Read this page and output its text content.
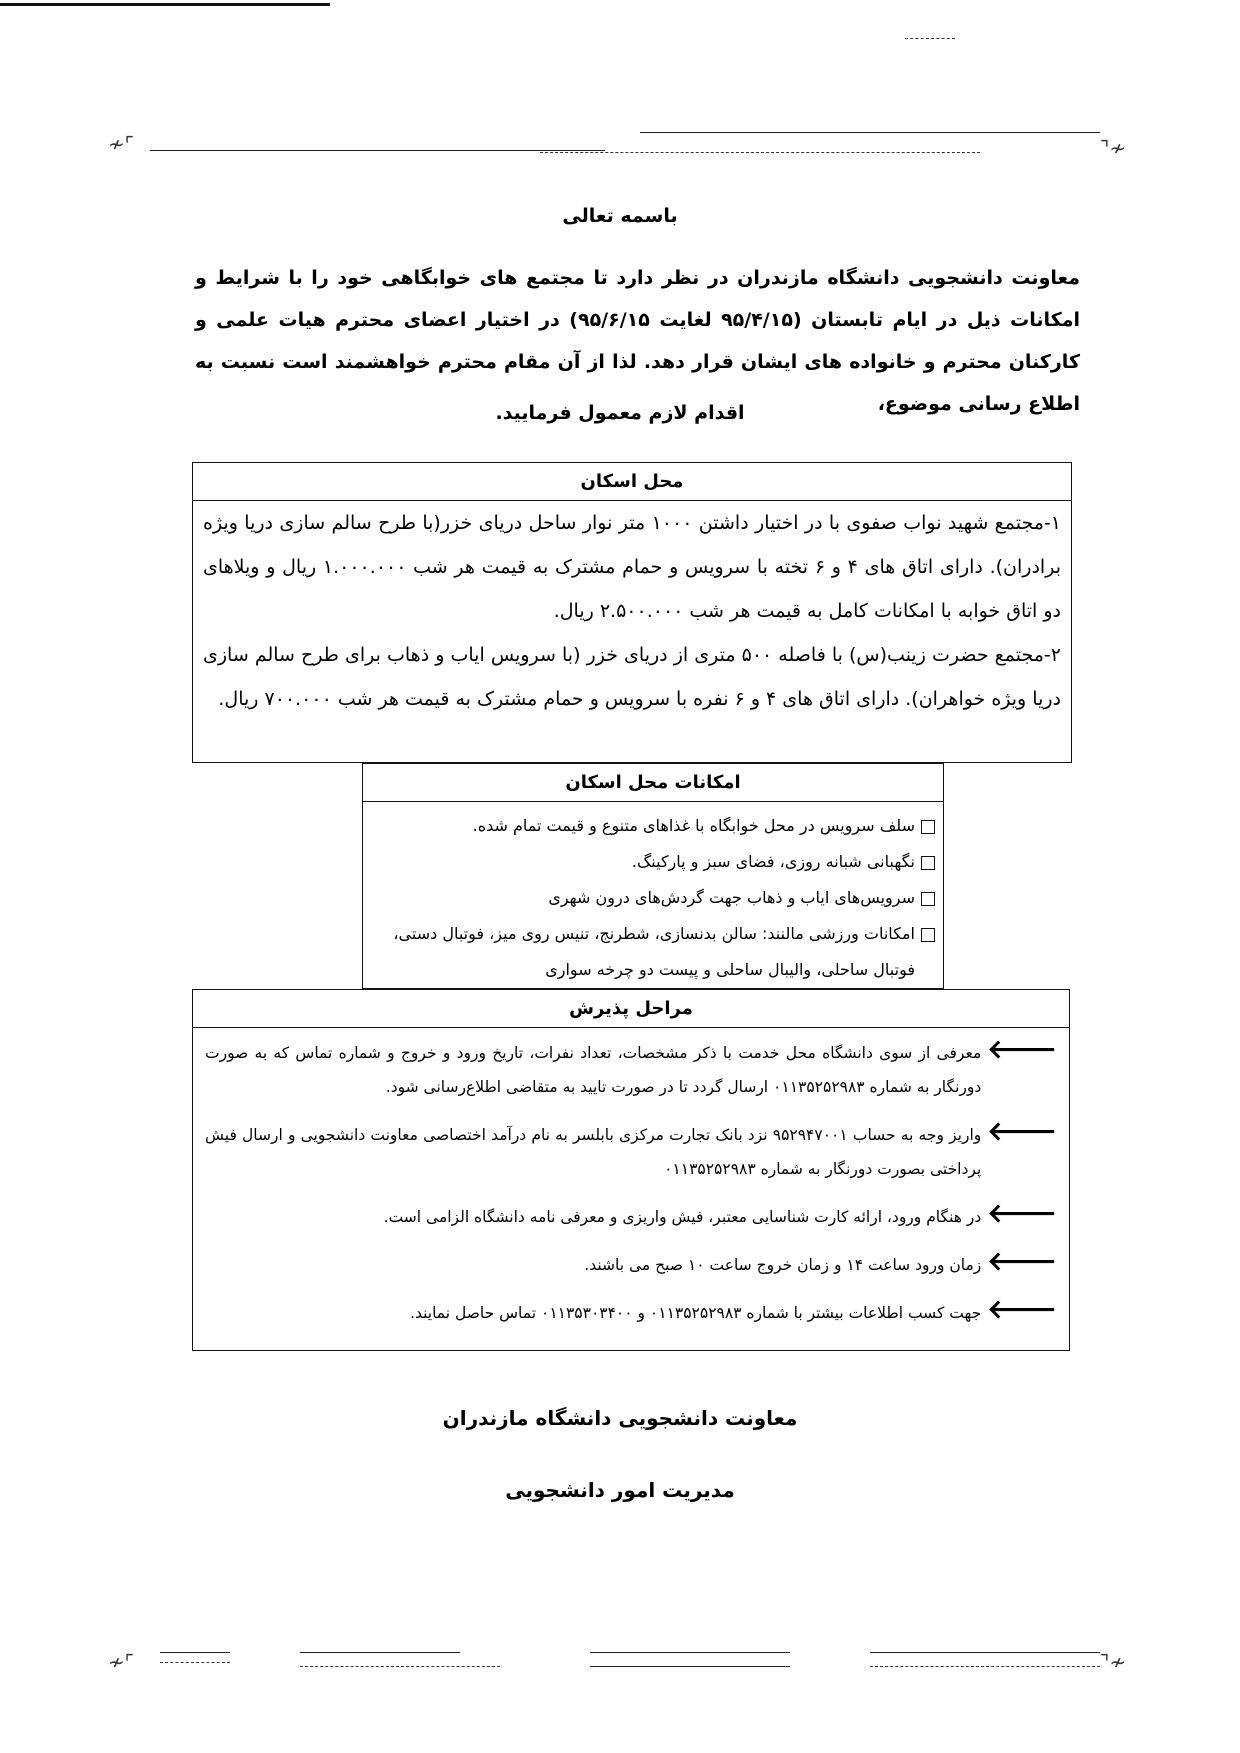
≁⌜	⌝≁
باسمه تعالی
معاونت دانشجویی دانشگاه مازندران در نظر دارد تا مجتمع های خوابگاهی خود را با شرایط و امکانات ذیل در ایام تابستان (۹۵/۴/۱۵ لغایت ۹۵/۶/۱۵) در اختیار اعضای محترم هیات علمی و کارکنان محترم و خانواده های ایشان قرار دهد. لذا از آن مقام محترم خواهشمند است نسبت به اطلاع رسانی موضوع،
اقدام لازم معمول فرمایید.
محل اسکان

۱-مجتمع شهید نواب صفوی با در اختیار داشتن ۱۰۰۰ متر نوار ساحل دریای خزر(با طرح سالم سازی دریا ویژه برادران). دارای اتاق های ۴ و ۶ تخته با سرویس و حمام مشترک به قیمت هر شب ۱.۰۰۰.۰۰۰ ریال و ویلاهای دو اتاق خوابه با امکانات کامل به قیمت هر شب ۲.۵۰۰.۰۰۰ ریال.

۲-مجتمع حضرت زینب(س) با فاصله ۵۰۰ متری از دریای خزر (با سرویس ایاب و ذهاب برای طرح سالم سازی دریا ویژه خواهران). دارای اتاق های ۴ و ۶ نفره با سرویس و حمام مشترک به قیمت هر شب ۷۰۰.۰۰۰ ریال.

امکانات محل اسکان
سلف سرویس در محل خوابگاه با غذاهای متنوع و قیمت تمام شده.
نگهبانی شبانه روزی، فضای سبز و پارکینگ.
سرویس‌های ایاب و ذهاب جهت گردش‌های درون شهری
امکانات ورزشی مالنند: سالن بدنسازی، شطرنج، تنیس روی میز، فوتبال دستی، فوتبال ساحلی، والیبال ساحلی و پیست دو چرخه سواری
مراحل پذیرش
🡐
معرفی از سوی دانشگاه محل خدمت با ذکر مشخصات، تعداد نفرات، تاریخ ورود و خروج و شماره تماس که به صورت دورنگار به شماره ۰۱۱۳۵۲۵۲۹۸۳ ارسال گردد تا در صورت تایید به متقاضی اطلاع‌رسانی شود.
🡐
واریز وجه به حساب ۹۵۲۹۴۷۰۰۱ نزد بانک تجارت مرکزی بابلسر به نام درآمد اختصاصی معاونت دانشجویی و ارسال فیش پرداختی بصورت دورنگار به شماره ۰۱۱۳۵۲۵۲۹۸۳
🡐
در هنگام ورود، ارائه کارت شناسایی معتبر، فیش واریزی و معرفی نامه دانشگاه الزامی است.
🡐
زمان ورود ساعت ۱۴ و زمان خروج ساعت ۱۰ صبح می باشند.
🡐
جهت کسب اطلاعات بیشتر با شماره ۰۱۱۳۵۲۵۲۹۸۳ و ۰۱۱۳۵۳۰۳۴۰۰ تماس حاصل نمایند.
معاونت دانشجویی دانشگاه مازندران
مدیریت امور دانشجویی
≁⌜	⌝≁
